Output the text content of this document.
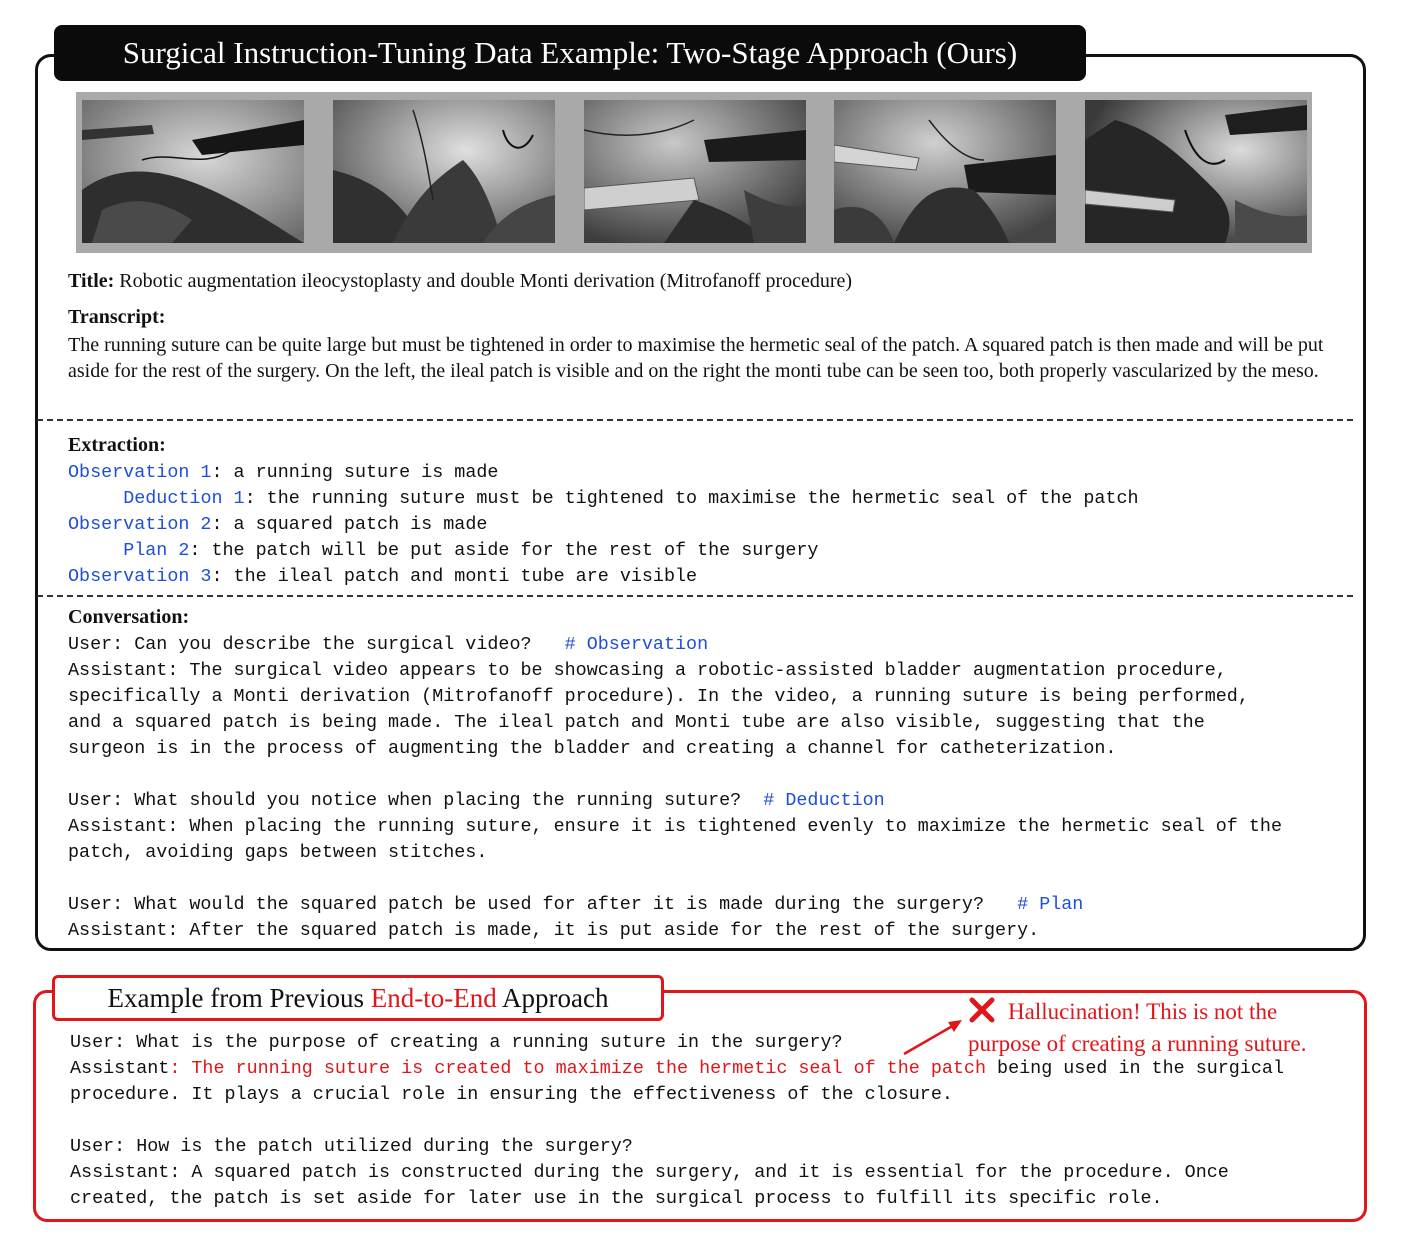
Surgical Instruction-Tuning Data Example: Two-Stage Approach (Ours)
Title: Robotic augmentation ileocystoplasty and double Monti derivation (Mitrofanoff procedure)
Transcript:
The running suture can be quite large but must be tightened in order to maximise the hermetic seal of the patch. A squared patch is then made and will be put aside for the rest of the surgery. On the left, the ileal patch is visible and on the right the monti tube can be seen too, both properly vascularized by the meso.
Extraction:
Observation 1: a running suture is made
Deduction 1: the running suture must be tightened to maximise the hermetic seal of the patch
Observation 2: a squared patch is made
Plan 2: the patch will be put aside for the rest of the surgery
Observation 3: the ileal patch and monti tube are visible
Conversation:
User: Can you describe the surgical video?   # Observation
Assistant: The surgical video appears to be showcasing a robotic-assisted bladder augmentation procedure,
specifically a Monti derivation (Mitrofanoff procedure). In the video, a running suture is being performed,
and a squared patch is being made. The ileal patch and Monti tube are also visible, suggesting that the
surgeon is in the process of augmenting the bladder and creating a channel for catheterization.

User: What should you notice when placing the running suture?  # Deduction
Assistant: When placing the running suture, ensure it is tightened evenly to maximize the hermetic seal of the
patch, avoiding gaps between stitches.

User: What would the squared patch be used for after it is made during the surgery?   # Plan
Assistant: After the squared patch is made, it is put aside for the rest of the surgery.
Example from Previous End-to-End Approach
User: What is the purpose of creating a running suture in the surgery?
Assistant: The running suture is created to maximize the hermetic seal of the patch being used in the surgical
procedure. It plays a crucial role in ensuring the effectiveness of the closure.

User: How is the patch utilized during the surgery?
Assistant: A squared patch is constructed during the surgery, and it is essential for the procedure. Once
created, the patch is set aside for later use in the surgical process to fulfill its specific role.
Hallucination! This is not the
purpose of creating a running suture.
